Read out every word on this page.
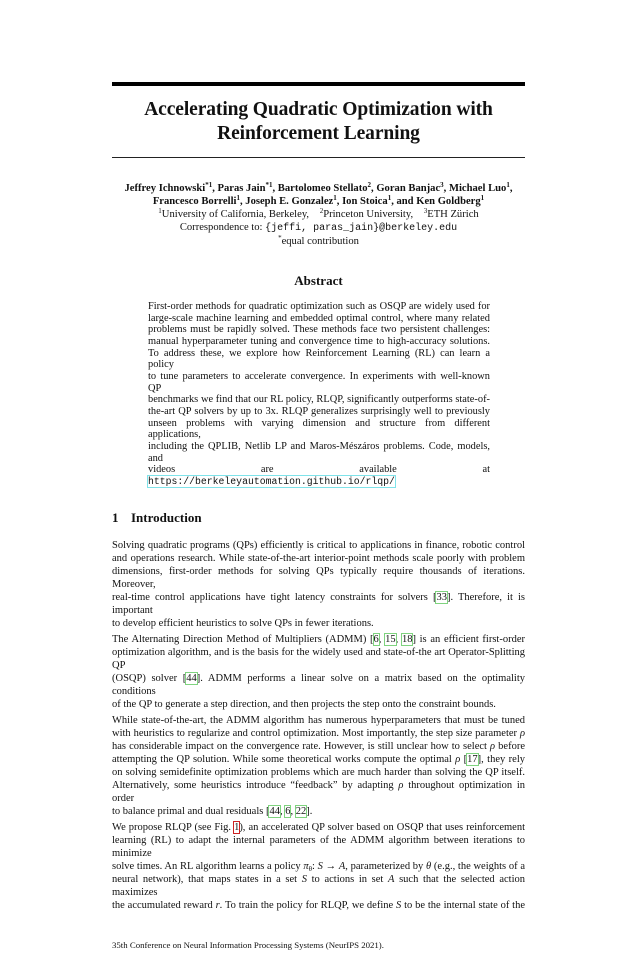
Accelerating Quadratic Optimization with
Reinforcement Learning
Jeffrey Ichnowski$^{*1}$, Paras Jain$^{*1}$, Bartolomeo Stellato$^2$, Goran Banjac$^3$, Michael Luo$^1$,
Francesco Borrelli$^1$, Joseph E. Gonzalez$^1$, Ion Stoica$^1$, and Ken Goldberg$^1$
$^1$University of California, Berkeley, $^2$Princeton University, $^3$ETH Zürich
Correspondence to: {jeffi, paras_jain}@berkeley.edu
*equal contribution
Abstract
First-order methods for quadratic optimization such as OSQP are widely used for
large-scale machine learning and embedded optimal control, where many related
problems must be rapidly solved. These methods face two persistent challenges:
manual hyperparameter tuning and convergence time to high-accuracy solutions.
To address these, we explore how Reinforcement Learning (RL) can learn a policy
to tune parameters to accelerate convergence. In experiments with well-known QP
benchmarks we find that our RL policy, RLQP, significantly outperforms state-of-
the-art QP solvers by up to 3x. RLQP generalizes surprisingly well to previously
unseen problems with varying dimension and structure from different applications,
including the QPLIB, Netlib LP and Maros-Mészáros problems. Code, models, and
videos are available at https://berkeleyautomation.github.io/rlqp/
1 Introduction
Solving quadratic programs (QPs) efficiently is critical to applications in finance, robotic control
and operations research. While state-of-the-art interior-point methods scale poorly with problem
dimensions, first-order methods for solving QPs typically require thousands of iterations. Moreover,
real-time control applications have tight latency constraints for solvers [33]. Therefore, it is important
to develop efficient heuristics to solve QPs in fewer iterations.
The Alternating Direction Method of Multipliers (ADMM) [6, 15, 18] is an efficient first-order
optimization algorithm, and is the basis for the widely used and state-of-the art Operator-Splitting QP
(OSQP) solver [44]. ADMM performs a linear solve on a matrix based on the optimality conditions
of the QP to generate a step direction, and then projects the step onto the constraint bounds.
While state-of-the-art, the ADMM algorithm has numerous hyperparameters that must be tuned
with heuristics to regularize and control optimization. Most importantly, the step size parameter ρ
has considerable impact on the convergence rate. However, is still unclear how to select ρ before
attempting the QP solution. While some theoretical works compute the optimal ρ [17], they rely
on solving semidefinite optimization problems which are much harder than solving the QP itself.
Alternatively, some heuristics introduce “feedback” by adapting ρ throughout optimization in order
to balance primal and dual residuals [44, 6, 22].
We propose RLQP (see Fig. 1), an accelerated QP solver based on OSQP that uses reinforcement
learning (RL) to adapt the internal parameters of the ADMM algorithm between iterations to minimize
solve times. An RL algorithm learns a policy $\pi_\theta$: S → A, parameterized by θ (e.g., the weights of a
neural network), that maps states in a set S to actions in set A such that the selected action maximizes
the accumulated reward r. To train the policy for RLQP, we define S to be the internal state of the
35th Conference on Neural Information Processing Systems (NeurIPS 2021).
